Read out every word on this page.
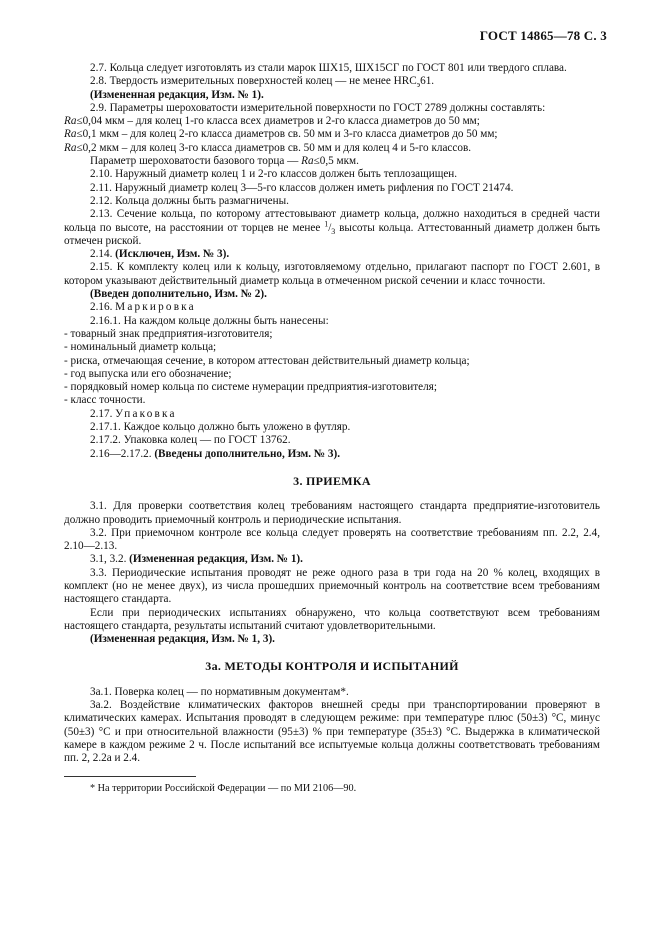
ГОСТ 14865—78 С. 3

2.7. Кольца следует изготовлять из стали марок ШХ15, ШХ15СГ по ГОСТ 801 или твердого сплава.

2.8. Твердость измерительных поверхностей колец — не менее $HRC_э61$.

(Измененная редакция, Изм. № 1).

2.9. Параметры шероховатости измерительной поверхности по ГОСТ 2789 должны составлять:

Ra≤0,04 мкм – для колец 1-го класса всех диаметров и 2-го класса диаметров до 50 мм;

Ra≤0,1 мкм – для колец 2-го класса диаметров св. 50 мм и 3-го класса диаметров до 50 мм;

Ra≤0,2 мкм – для колец 3-го класса диаметров св. 50 мм и для колец 4 и 5-го классов.

Параметр шероховатости базового торца — Ra≤0,5 мкм.

2.10. Наружный диаметр колец 1 и 2-го классов должен быть теплозащищен.

2.11. Наружный диаметр колец 3—5-го классов должен иметь рифления по ГОСТ 21474.

2.12. Кольца должны быть размагничены.

2.13. Сечение кольца, по которому аттестовывают диаметр кольца, должно находиться в средней части кольца по высоте, на расстоянии от торцев не менее $^1/_3$ высоты кольца. Аттестованный диаметр должен быть отмечен риской.

2.14. (Исключен, Изм. № 3).

2.15. К комплекту колец или к кольцу, изготовляемому отдельно, прилагают паспорт по ГОСТ 2.601, в котором указывают действительный диаметр кольца в отмеченном риской сечении и класс точности.

(Введен дополнительно, Изм. № 2).

2.16. Маркировка

2.16.1. На каждом кольце должны быть нанесены:

- товарный знак предприятия-изготовителя;

- номинальный диаметр кольца;

- риска, отмечающая сечение, в котором аттестован действительный диаметр кольца;

- год выпуска или его обозначение;

- порядковый номер кольца по системе нумерации предприятия-изготовителя;

- класс точности.

2.17. Упаковка

2.17.1. Каждое кольцо должно быть уложено в футляр.

2.17.2. Упаковка колец — по ГОСТ 13762.

2.16—2.17.2. (Введены дополнительно, Изм. № 3).

3. ПРИЕМКА

3.1. Для проверки соответствия колец требованиям настоящего стандарта предприятие-изготовитель должно проводить приемочный контроль и периодические испытания.

3.2. При приемочном контроле все кольца следует проверять на соответствие требованиям пп. 2.2, 2.4, 2.10—2.13.

3.1, 3.2. (Измененная редакция, Изм. № 1).

3.3. Периодические испытания проводят не реже одного раза в три года на 20 % колец, входящих в комплект (но не менее двух), из числа прошедших приемочный контроль на соответствие всем требованиям настоящего стандарта.

Если при периодических испытаниях обнаружено, что кольца соответствуют всем требованиям настоящего стандарта, результаты испытаний считают удовлетворительными.

(Измененная редакция, Изм. № 1, 3).

3а. МЕТОДЫ КОНТРОЛЯ И ИСПЫТАНИЙ

3а.1. Поверка колец — по нормативным документам*.

3а.2. Воздействие климатических факторов внешней среды при транспортировании проверяют в климатических камерах. Испытания проводят в следующем режиме: при температуре плюс (50±3) °С, минус (50±3) °С и при относительной влажности (95±3) % при температуре (35±3) °С. Выдержка в климатической камере в каждом режиме 2 ч. После испытаний все испытуемые кольца должны соответствовать требованиям пп. 2, 2.2а и 2.4.

* На территории Российской Федерации — по МИ 2106—90.
